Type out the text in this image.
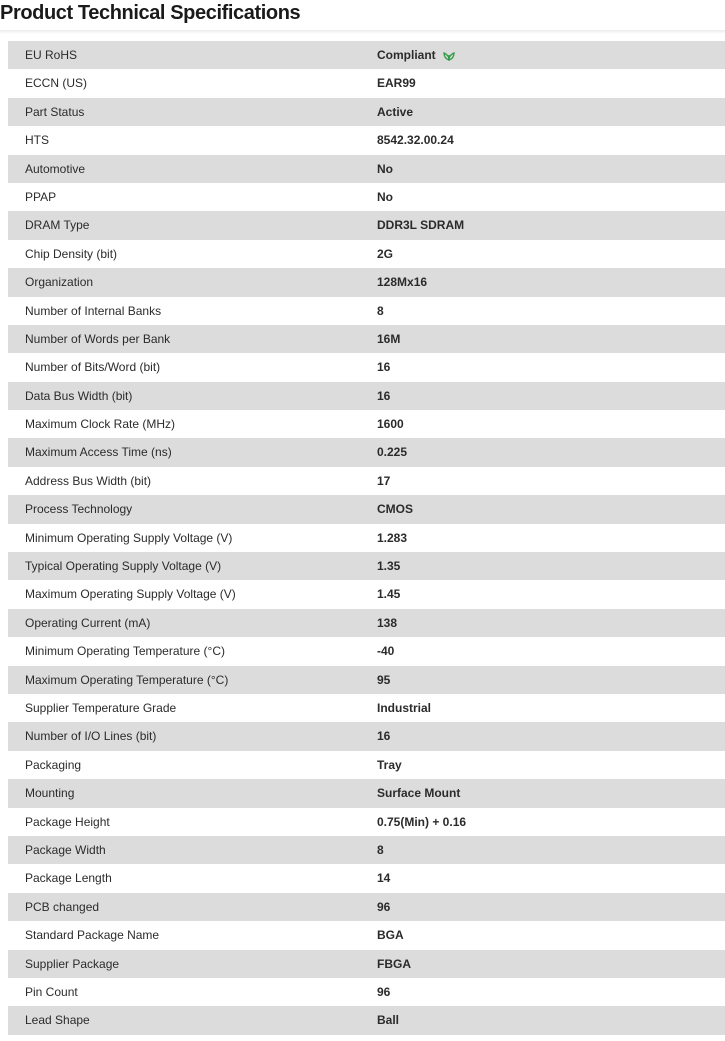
Product Technical Specifications
EU RoHS	Compliant
ECCN (US)	EAR99
Part Status	Active
HTS	8542.32.00.24
Automotive	No
PPAP	No
DRAM Type	DDR3L SDRAM
Chip Density (bit)	2G
Organization	128Mx16
Number of Internal Banks	8
Number of Words per Bank	16M
Number of Bits/Word (bit)	16
Data Bus Width (bit)	16
Maximum Clock Rate (MHz)	1600
Maximum Access Time (ns)	0.225
Address Bus Width (bit)	17
Process Technology	CMOS
Minimum Operating Supply Voltage (V)	1.283
Typical Operating Supply Voltage (V)	1.35
Maximum Operating Supply Voltage (V)	1.45
Operating Current (mA)	138
Minimum Operating Temperature (°C)	-40
Maximum Operating Temperature (°C)	95
Supplier Temperature Grade	Industrial
Number of I/O Lines (bit)	16
Packaging	Tray
Mounting	Surface Mount
Package Height	0.75(Min) + 0.16
Package Width	8
Package Length	14
PCB changed	96
Standard Package Name	BGA
Supplier Package	FBGA
Pin Count	96
Lead Shape	Ball
